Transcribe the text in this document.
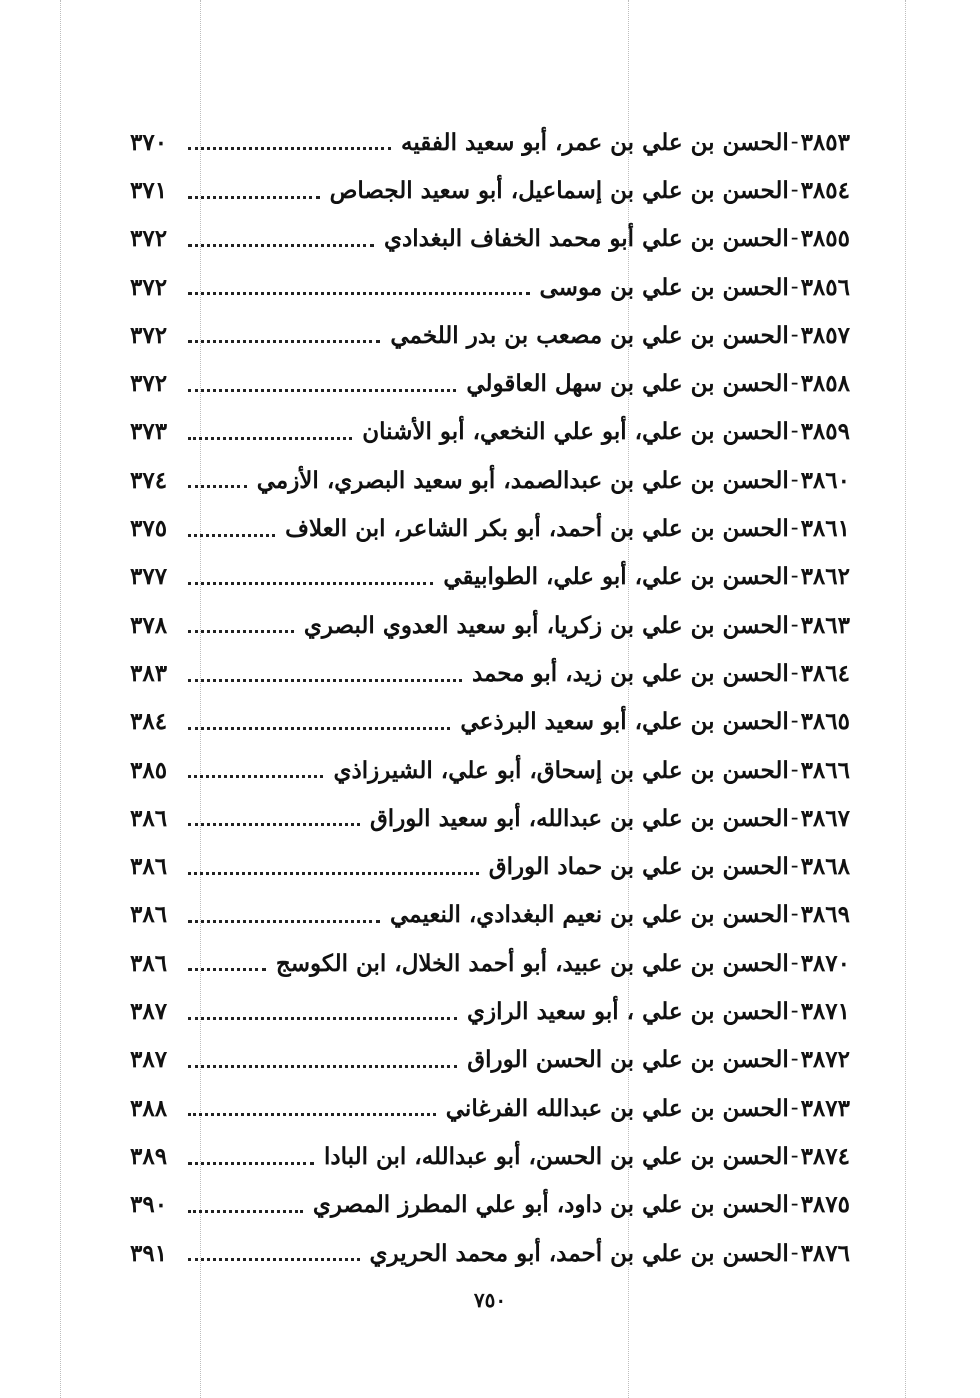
٣٨٥٣
-
الحسن بن علي بن عمر، أبو سعيد الفقيه
٣٧٠
٣٨٥٤
-
الحسن بن علي بن إسماعيل، أبو سعيد الجصاص
٣٧١
٣٨٥٥
-
الحسن بن علي أبو محمد الخفاف البغدادي
٣٧٢
٣٨٥٦
-
الحسن بن علي بن موسى
٣٧٢
٣٨٥٧
-
الحسن بن علي بن مصعب بن بدر اللخمي
٣٧٢
٣٨٥٨
-
الحسن بن علي بن سهل العاقولي
٣٧٢
٣٨٥٩
-
الحسن بن علي، أبو علي النخعي، أبو الأشنان
٣٧٣
٣٨٦٠
-
الحسن بن علي بن عبدالصمد، أبو سعيد البصري، الأزمي
٣٧٤
٣٨٦١
-
الحسن بن علي بن أحمد، أبو بكر الشاعر، ابن العلاف
٣٧٥
٣٨٦٢
-
الحسن بن علي، أبو علي، الطوابيقي
٣٧٧
٣٨٦٣
-
الحسن بن علي بن زكريا، أبو سعيد العدوي البصري
٣٧٨
٣٨٦٤
-
الحسن بن علي بن زيد، أبو محمد
٣٨٣
٣٨٦٥
-
الحسن بن علي، أبو سعيد البرذعي
٣٨٤
٣٨٦٦
-
الحسن بن علي بن إسحاق، أبو علي، الشيرزاذي
٣٨٥
٣٨٦٧
-
الحسن بن علي بن عبدالله، أبو سعيد الوراق
٣٨٦
٣٨٦٨
-
الحسن بن علي بن حماد الوراق
٣٨٦
٣٨٦٩
-
الحسن بن علي بن نعيم البغدادي، النعيمي
٣٨٦
٣٨٧٠
-
الحسن بن علي بن عبيد، أبو أحمد الخلال، ابن الكوسج
٣٨٦
٣٨٧١
-
الحسن بن علي ، أبو سعيد الرازي
٣٨٧
٣٨٧٢
-
الحسن بن علي بن الحسن الوراق
٣٨٧
٣٨٧٣
-
الحسن بن علي بن عبدالله الفرغاني
٣٨٨
٣٨٧٤
-
الحسن بن علي بن الحسن، أبو عبدالله، ابن البادا
٣٨٩
٣٨٧٥
-
الحسن بن علي بن داود، أبو علي المطرز المصري
٣٩٠
٣٨٧٦
-
الحسن بن علي بن أحمد، أبو محمد الحريري
٣٩١
٧٥٠
